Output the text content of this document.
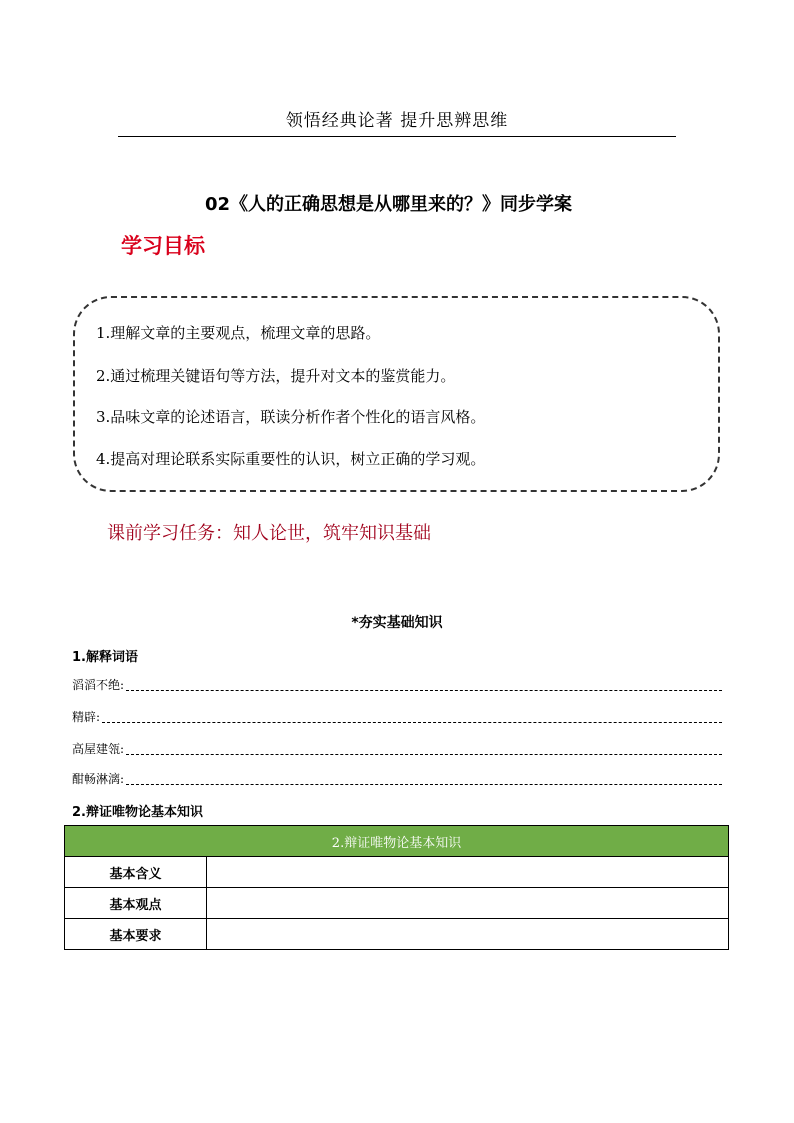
领悟经典论著 提升思辨思维
02《人的正确思想是从哪里来的？》同步学案
学习目标
1.理解文章的主要观点，梳理文章的思路。
2.通过梳理关键语句等方法，提升对文本的鉴赏能力。
3.品味文章的论述语言，联读分析作者个性化的语言风格。
4.提高对理论联系实际重要性的认识，树立正确的学习观。
课前学习任务：知人论世，筑牢知识基础
*夯实基础知识
1.解释词语
滔滔不绝:
精辟:
高屋建瓴:
酣畅淋漓:
2.辩证唯物论基本知识
2.辩证唯物论基本知识	
基本含义	
基本观点	
基本要求	
